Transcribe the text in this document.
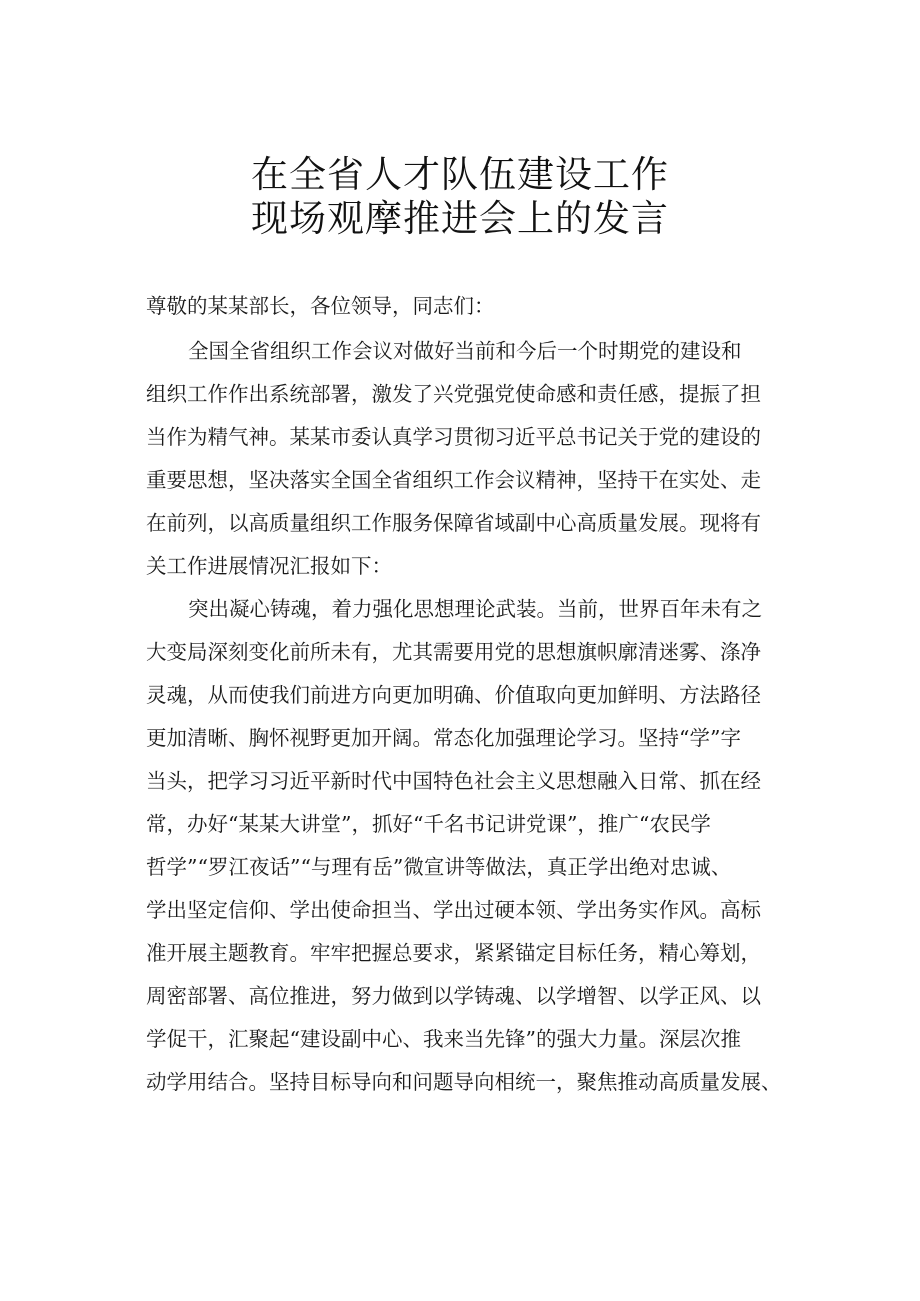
在全省人才队伍建设工作
现场观摩推进会上的发言
尊敬的某某部长，各位领导，同志们：
全国全省组织工作会议对做好当前和今后一个时期党的建设和
组织工作作出系统部署，激发了兴党强党使命感和责任感，提振了担
当作为精气神。某某市委认真学习贯彻习近平总书记关于党的建设的
重要思想，坚决落实全国全省组织工作会议精神，坚持干在实处、走
在前列，以高质量组织工作服务保障省域副中心高质量发展。现将有
关工作进展情况汇报如下：
突出凝心铸魂，着力强化思想理论武装。当前，世界百年未有之
大变局深刻变化前所未有，尤其需要用党的思想旗帜廓清迷雾、涤净
灵魂，从而使我们前进方向更加明确、价值取向更加鲜明、方法路径
更加清晰、胸怀视野更加开阔。常态化加强理论学习。坚持“学”字
当头，把学习习近平新时代中国特色社会主义思想融入日常、抓在经
常，办好“某某大讲堂”，抓好“千名书记讲党课”，推广“农民学
哲学”“罗江夜话”“与理有岳”微宣讲等做法，真正学出绝对忠诚、
学出坚定信仰、学出使命担当、学出过硬本领、学出务实作风。高标
准开展主题教育。牢牢把握总要求，紧紧锚定目标任务，精心筹划，
周密部署、高位推进，努力做到以学铸魂、以学增智、以学正风、以
学促干，汇聚起“建设副中心、我来当先锋”的强大力量。深层次推
动学用结合。坚持目标导向和问题导向相统一，聚焦推动高质量发展、
